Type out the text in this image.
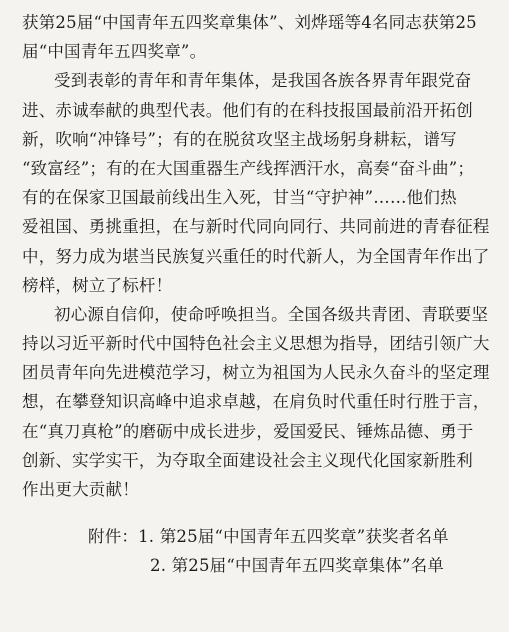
获第25届“中国青年五四奖章集体”、刘烨瑶等4名同志获第25
届“中国青年五四奖章”。
受到表彰的青年和青年集体，是我国各族各界青年跟党奋
进、赤诚奉献的典型代表。他们有的在科技报国最前沿开拓创
新，吹响“冲锋号”；有的在脱贫攻坚主战场躬身耕耘，谱写
“致富经”；有的在大国重器生产线挥洒汗水，高奏“奋斗曲”；
有的在保家卫国最前线出生入死，甘当“守护神”……他们热
爱祖国、勇挑重担，在与新时代同向同行、共同前进的青春征程
中，努力成为堪当民族复兴重任的时代新人，为全国青年作出了
榜样，树立了标杆！
初心源自信仰，使命呼唤担当。全国各级共青团、青联要坚
持以习近平新时代中国特色社会主义思想为指导，团结引领广大
团员青年向先进模范学习，树立为祖国为人民永久奋斗的坚定理
想，在攀登知识高峰中追求卓越，在肩负时代重任时行胜于言，
在“真刀真枪”的磨砺中成长进步，爱国爱民、锤炼品德、勇于
创新、实学实干，为夺取全面建设社会主义现代化国家新胜利
作出更大贡献！
附件：1. 第25届“中国青年五四奖章”获奖者名单
2. 第25届“中国青年五四奖章集体”名单
